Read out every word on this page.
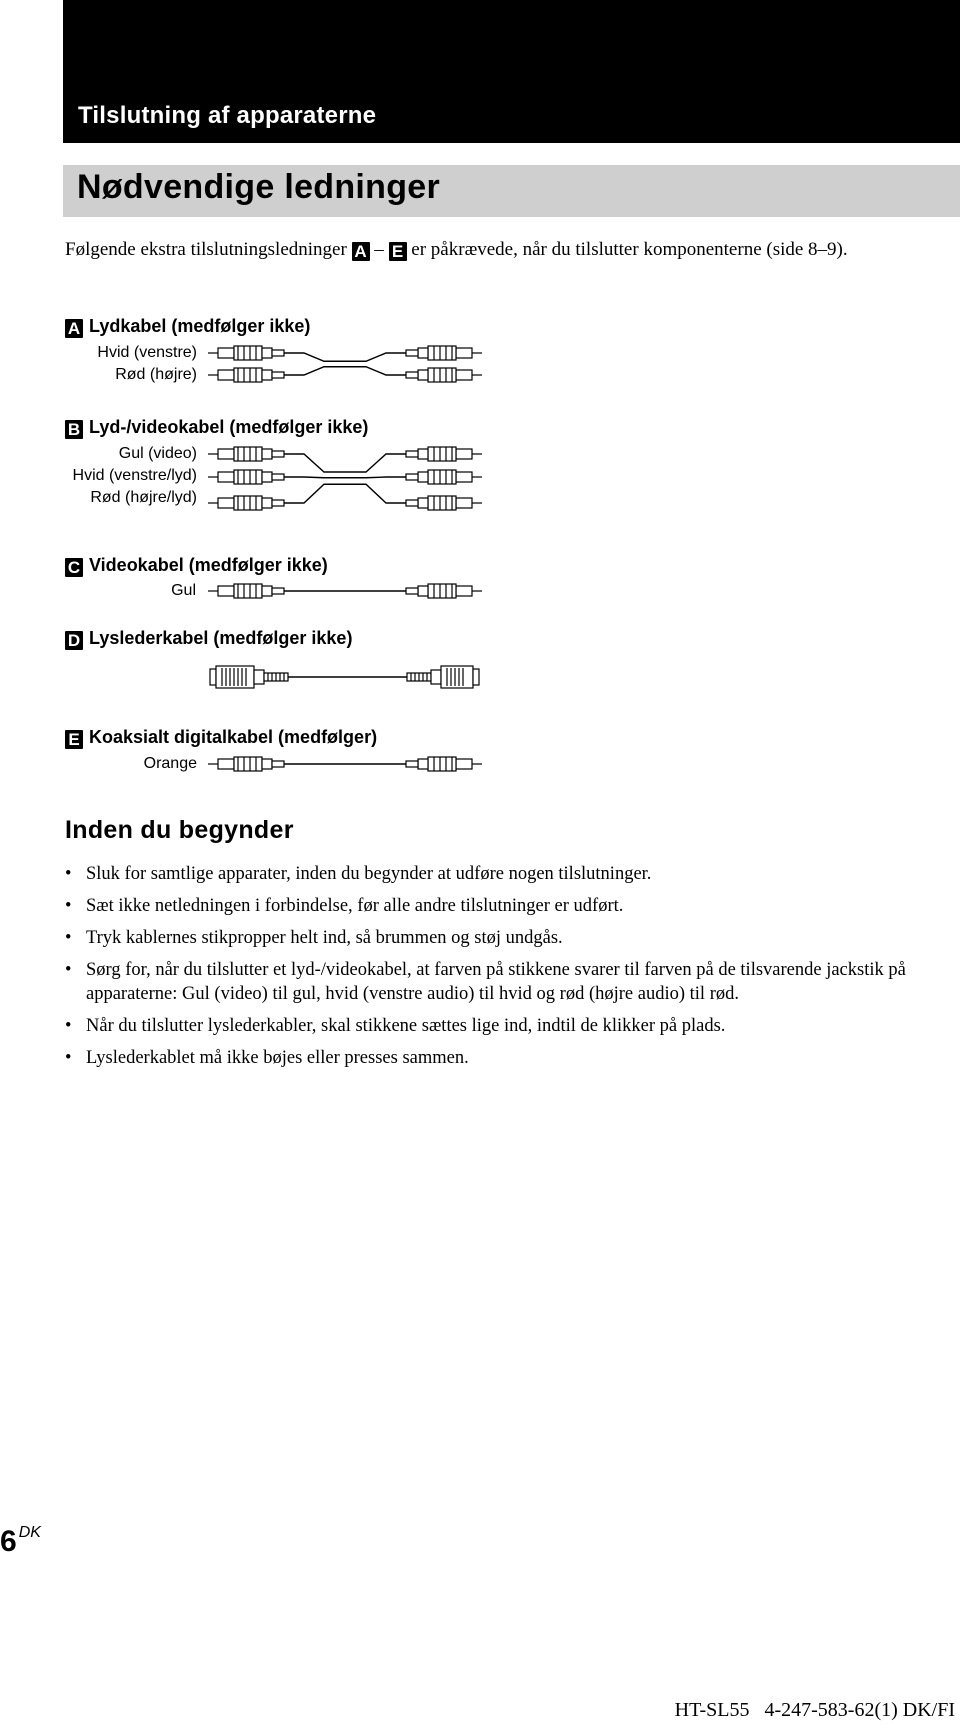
Tilslutning af apparaterne
Nødvendige ledninger
Følgende ekstra tilslutningsledninger A – E er påkrævede, når du tilslutter komponenterne (side 8–9).
A Lydkabel (medfølger ikke)
Hvid (venstre)
Rød (højre)
B Lyd-/videokabel (medfølger ikke)
Gul (video)
Hvid (venstre/lyd)
Rød (højre/lyd)
C Videokabel (medfølger ikke)
Gul
D Lyslederkabel (medfølger ikke)
E Koaksialt digitalkabel (medfølger)
Orange
Inden du begynder
• Sluk for samtlige apparater, inden du begynder at udføre nogen tilslutninger.
• Sæt ikke netledningen i forbindelse, før alle andre tilslutninger er udført.
• Tryk kablernes stikpropper helt ind, så brummen og støj undgås.
• Sørg for, når du tilslutter et lyd-/videokabel, at farven på stikkene svarer til farven på de tilsvarende jackstik på apparaterne: Gul (video) til gul, hvid (venstre audio) til hvid og rød (højre audio) til rød.
• Når du tilslutter lyslederkabler, skal stikkene sættes lige ind, indtil de klikker på plads.
• Lyslederkablet må ikke bøjes eller presses sammen.
6 $^{DK}$
HT-SL55 4-247-583-62(1) DK/FI
